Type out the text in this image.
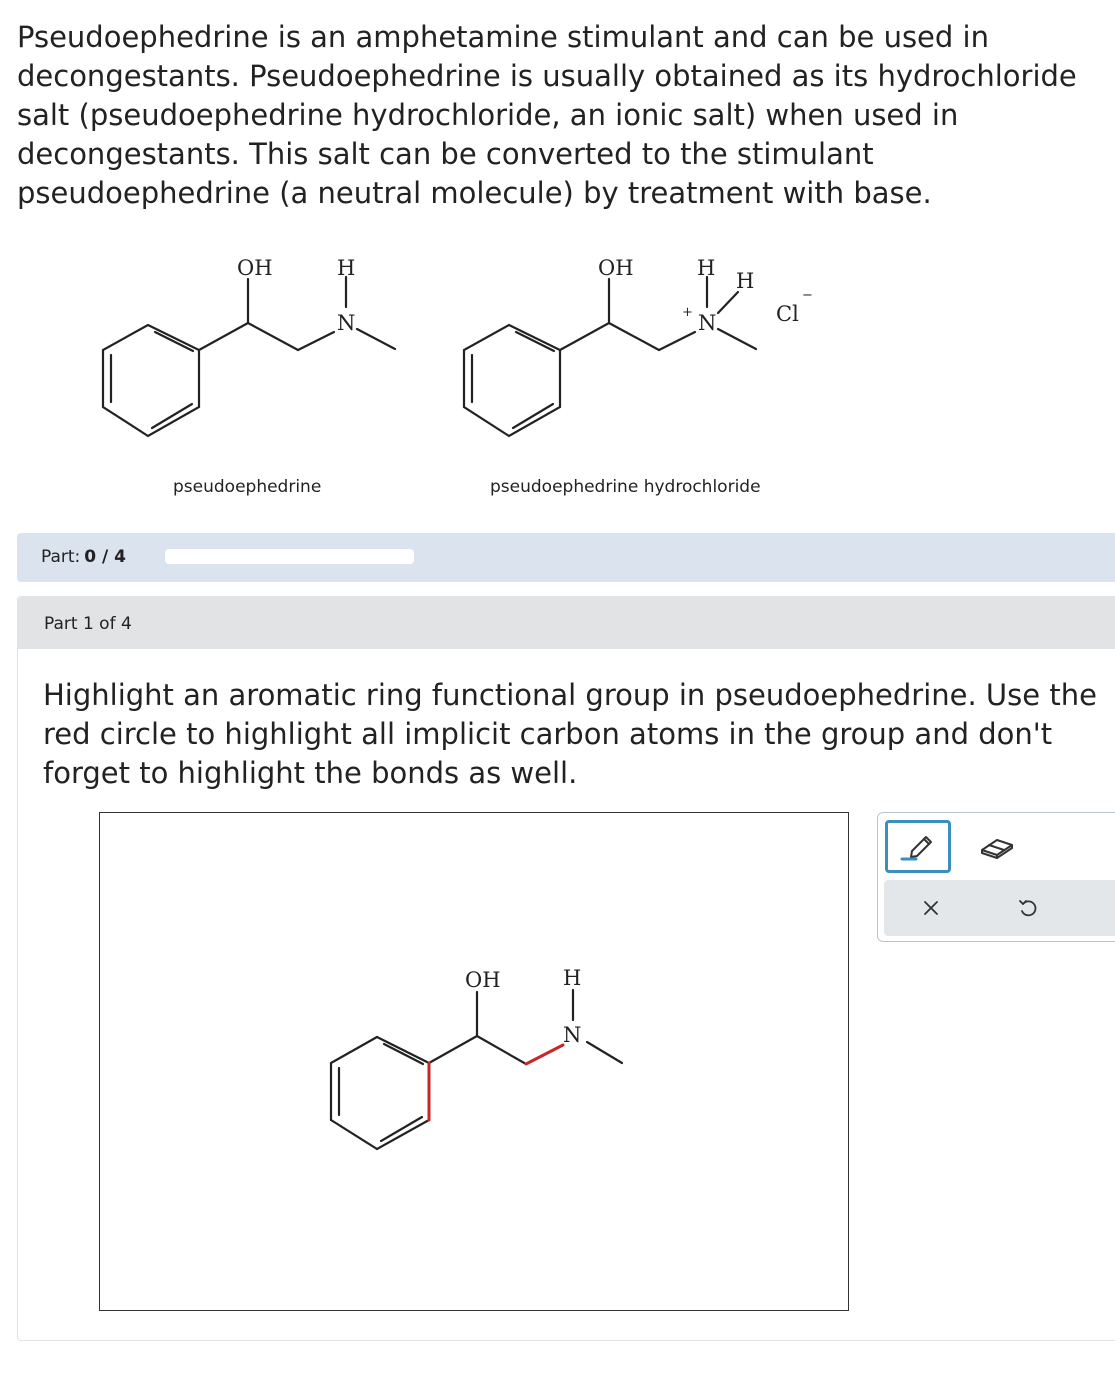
Pseudoephedrine is an amphetamine stimulant and can be used in decongestants. Pseudoephedrine is usually obtained as its hydrochloride salt (pseudoephedrine hydrochloride, an ionic salt) when used in decongestants. This salt can be converted to the stimulant pseudoephedrine (a neutral molecule) by treatment with base.

OH	H
N
pseudoephedrine
OH	H
H
N
+	Cl
−
pseudoephedrine hydrochloride
Part: 0 / 4
Part 1 of 4

Highlight an aromatic ring functional group in pseudoephedrine. Use the red circle to highlight all implicit carbon atoms in the group and don't forget to highlight the bonds as well.

OH	H
N
